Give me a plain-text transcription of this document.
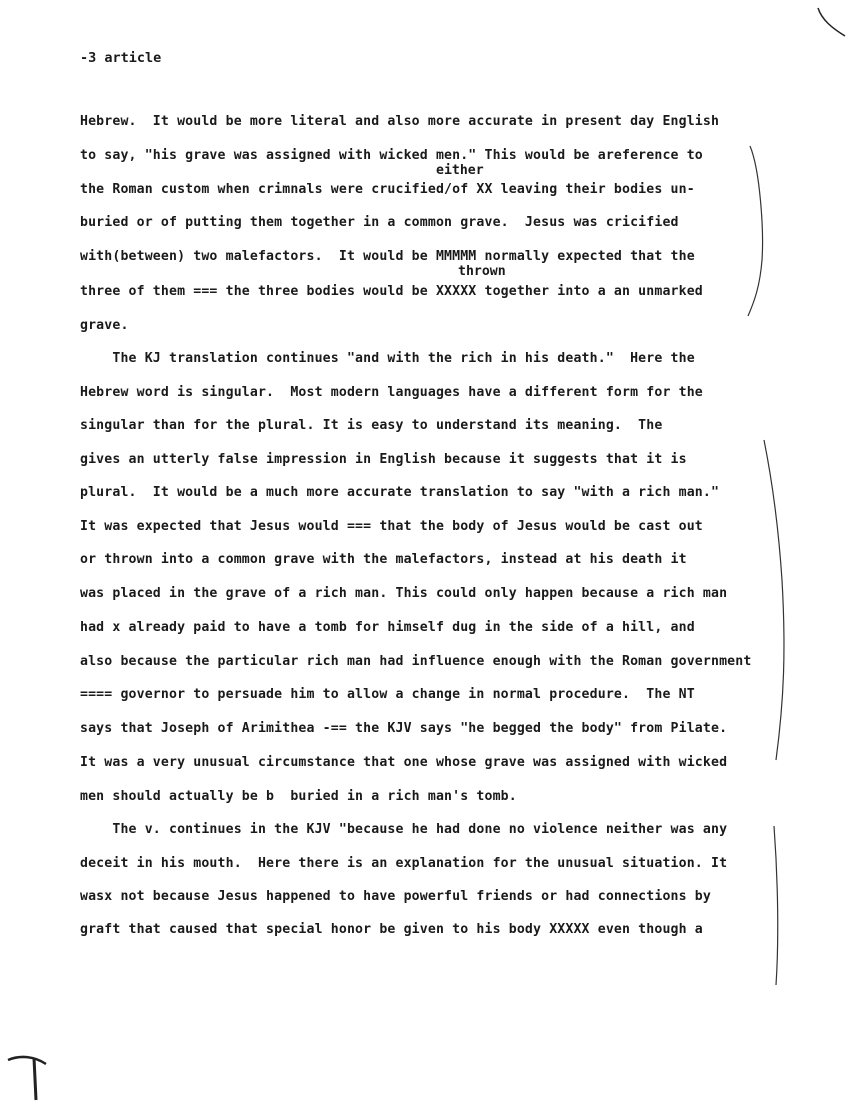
-3 article
either
thrown
Hebrew.  It would be more literal and also more accurate in present day English
to say, "his grave was assigned with wicked men." This would be areference to
the Roman custom when crimnals were crucified/of XX leaving their bodies un-
buried or of putting them together in a common grave.  Jesus was cricified
with(between) two malefactors.  It would be MMMMM normally expected that the
three of them === the three bodies would be XXXXX together into a an unmarked
grave.
The KJ translation continues "and with the rich in his death."  Here the
Hebrew word is singular.  Most modern languages have a different form for the
singular than for the plural. It is easy to understand its meaning.  The
gives an utterly false impression in English because it suggests that it is
plural.  It would be a much more accurate translation to say "with a rich man."
It was expected that Jesus would === that the body of Jesus would be cast out
or thrown into a common grave with the malefactors, instead at his death it
was placed in the grave of a rich man. This could only happen because a rich man
had x already paid to have a tomb for himself dug in the side of a hill, and
also because the particular rich man had influence enough with the Roman government
==== governor to persuade him to allow a change in normal procedure.  The NT
says that Joseph of Arimithea -== the KJV says "he begged the body" from Pilate.
It was a very unusual circumstance that one whose grave was assigned with wicked
men should actually be b  buried in a rich man's tomb.
The v. continues in the KJV "because he had done no violence neither was any
deceit in his mouth.  Here there is an explanation for the unusual situation. It
wasx not because Jesus happened to have powerful friends or had connections by
graft that caused that special honor be given to his body XXXXX even though a
